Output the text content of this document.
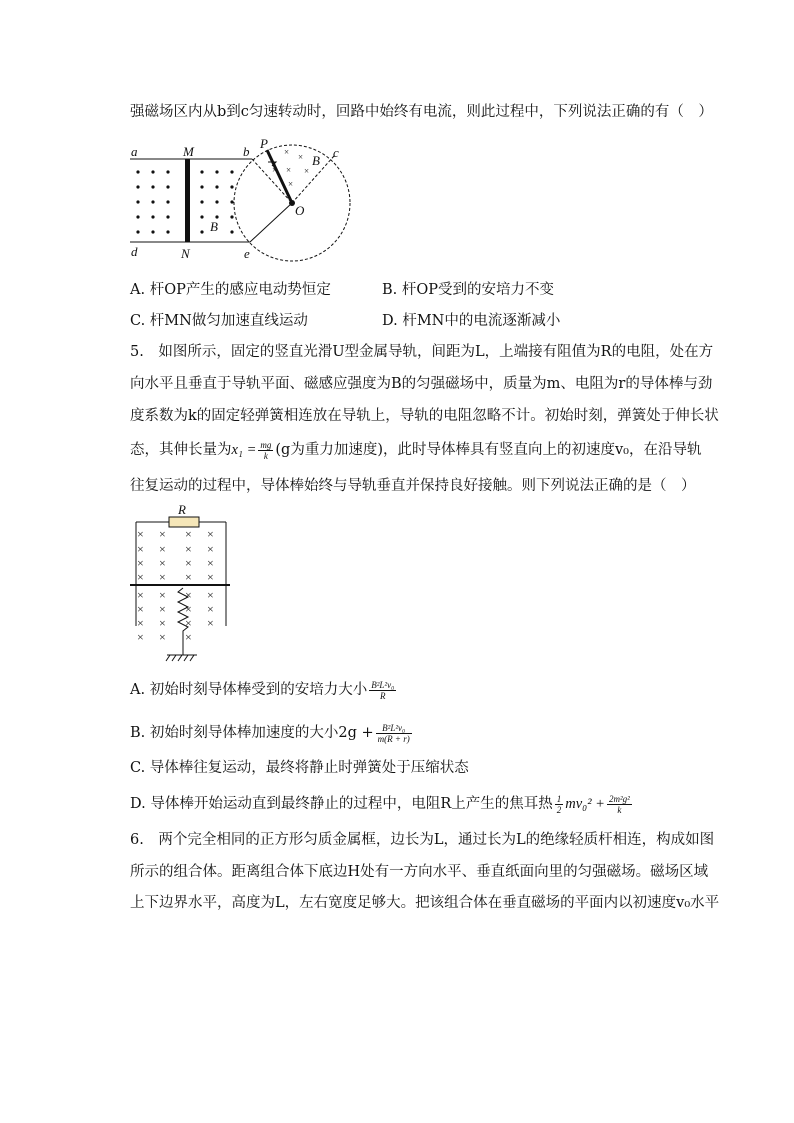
强磁场区内从b到c匀速转动时，回路中始终有电流，则此过程中，下列说法正确的有（　）
× ×
× × ×
×
a	M	b
P
B
c
d	N	e
O
B
A. 杆OP产生的感应电动势恒定	B. 杆OP受到的安培力不变
C. 杆MN做匀加速直线运动	D. 杆MN中的电流逐渐减小
5.　如图所示，固定的竖直光滑U型金属导轨，间距为L，上端接有阻值为R的电阻，处在方
向水平且垂直于导轨平面、磁感应强度为B的匀强磁场中，质量为m、电阻为r的导体棒与劲
度系数为k的固定轻弹簧相连放在导轨上，导轨的电阻忽略不计。初始时刻，弹簧处于伸长状
态，其伸长量为$x_1 = \frac{mg}{k} (g$为重力加速度)，此时导体棒具有竖直向上的初速度v₀，在沿导轨
往复运动的过程中，导体棒始终与导轨垂直并保持良好接触。则下列说法正确的是（　）
× × × ×
× × × ×
× × × ×
× × × ×
× × × ×
× × × ×
× × × ×
× × ×
R
A. 初始时刻导体棒受到的安培力大小 $\frac{\text{B²L²v₀}}{R}$
B. 初始时刻导体棒加速度的大小$2g + \frac{\text{B²L²v₀}}{m(R + r)}$
C. 导体棒往复运动，最终将静止时弹簧处于压缩状态
D. 导体棒开始运动直到最终静止的过程中，电阻R上产生的焦耳热 $\frac{1}{2} mv_0^2 + \frac{\text{2m²g²}}{k}$
6.　两个完全相同的正方形匀质金属框，边长为L，通过长为L的绝缘轻质杆相连，构成如图
所示的组合体。距离组合体下底边H处有一方向水平、垂直纸面向里的匀强磁场。磁场区域
上下边界水平，高度为L，左右宽度足够大。把该组合体在垂直磁场的平面内以初速度v₀水平
